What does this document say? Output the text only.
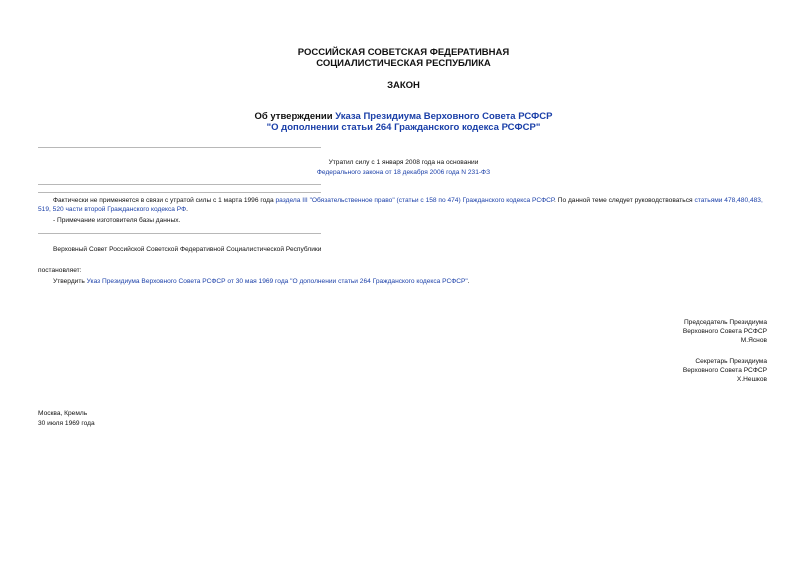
РОССИЙСКАЯ СОВЕТСКАЯ ФЕДЕРАТИВНАЯ
СОЦИАЛИСТИЧЕСКАЯ РЕСПУБЛИКА
ЗАКОН
Об утверждении Указа Президиума Верховного Совета РСФСР
"О дополнении статьи 264 Гражданского кодекса РСФСР"
Утратил силу с 1 января 2008 года на основании
Федерального закона от 18 декабря 2006 года N 231-ФЗ
Фактически не применяется в связи с утратой силы с 1 марта 1996 года раздела III "Обязательственное право" (статьи с 158 по 474) Гражданского кодекса РСФСР. По данной теме следует руководствоваться статьями 478,480,483, 519, 520 части второй Гражданского кодекса РФ.
- Примечание изготовителя базы данных.
Верховный Совет Российской Советской Федеративной Социалистической Республики
постановляет:
Утвердить Указ Президиума Верховного Совета РСФСР от 30 мая 1969 года "О дополнении статьи 264 Гражданского кодекса РСФСР".
Председатель Президиума
Верховного Совета РСФСР
М.Яснов
Секретарь Президиума
Верховного Совета РСФСР
Х.Нешков
Москва, Кремль
30 июля 1969 года
